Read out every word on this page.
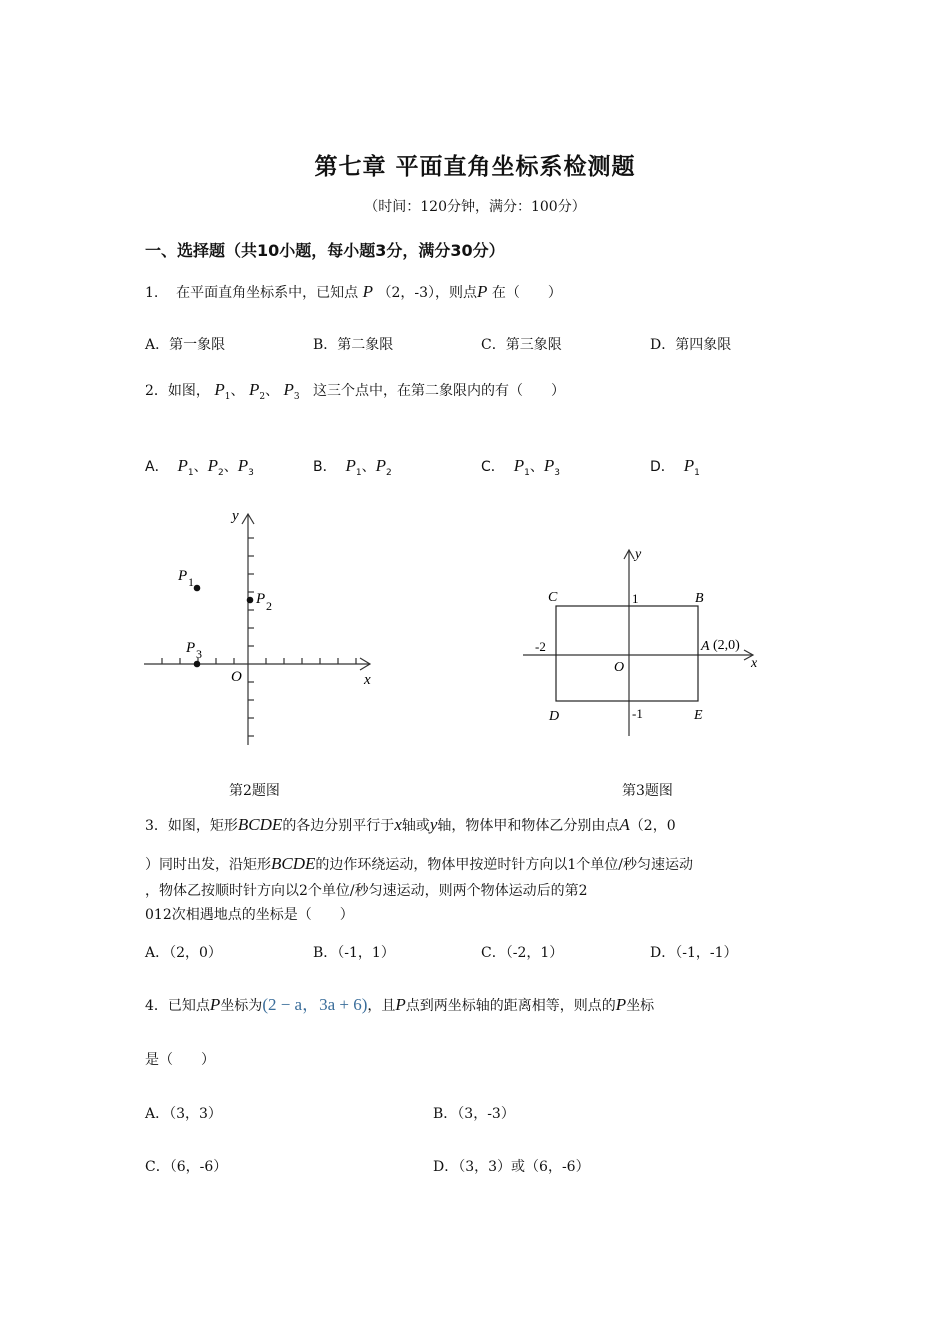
第七章 平面直角坐标系检测题
（时间：120分钟，满分：100分）
一、选择题（共10小题，每小题3分，满分30分）
1. 在平面直角坐标系中，已知点 P （2，-3），则点P 在（　　）
A．第一象限	B．第二象限	C．第三象限	D．第四象限
2．如图， $P_1$、 $P_2$、 $P_3$ 这三个点中，在第二象限内的有（　　）
A． $P_1$、$P_2$、$P_3$	B． $P_1$、$P_2$	C． $P_1$、$P_3$	D． $P_1$
y
x
O
P 1
P 2
P 3
第2题图
y
x
O
C	B
D	E
A (2,0)
1
-1
-2
第3题图
3．如图，矩形BCDE的各边分别平行于x轴或y轴，物体甲和物体乙分别由点A（2，0
）同时出发，沿矩形BCDE的边作环绕运动，物体甲按逆时针方向以1个单位/秒匀速运动
，物体乙按顺时针方向以2个单位/秒匀速运动，则两个物体运动后的第2
012次相遇地点的坐标是（　　）
A．（2，0）	B．（-1，1）	C．（-2，1）	D．（-1，-1）
4．已知点P坐标为(2 − a，3a + 6)，且P点到两坐标轴的距离相等，则点的P坐标
是（　　）
A．（3，3）	B．（3，-3）
C．（6，-6）	D．（3，3）或（6，-6）
